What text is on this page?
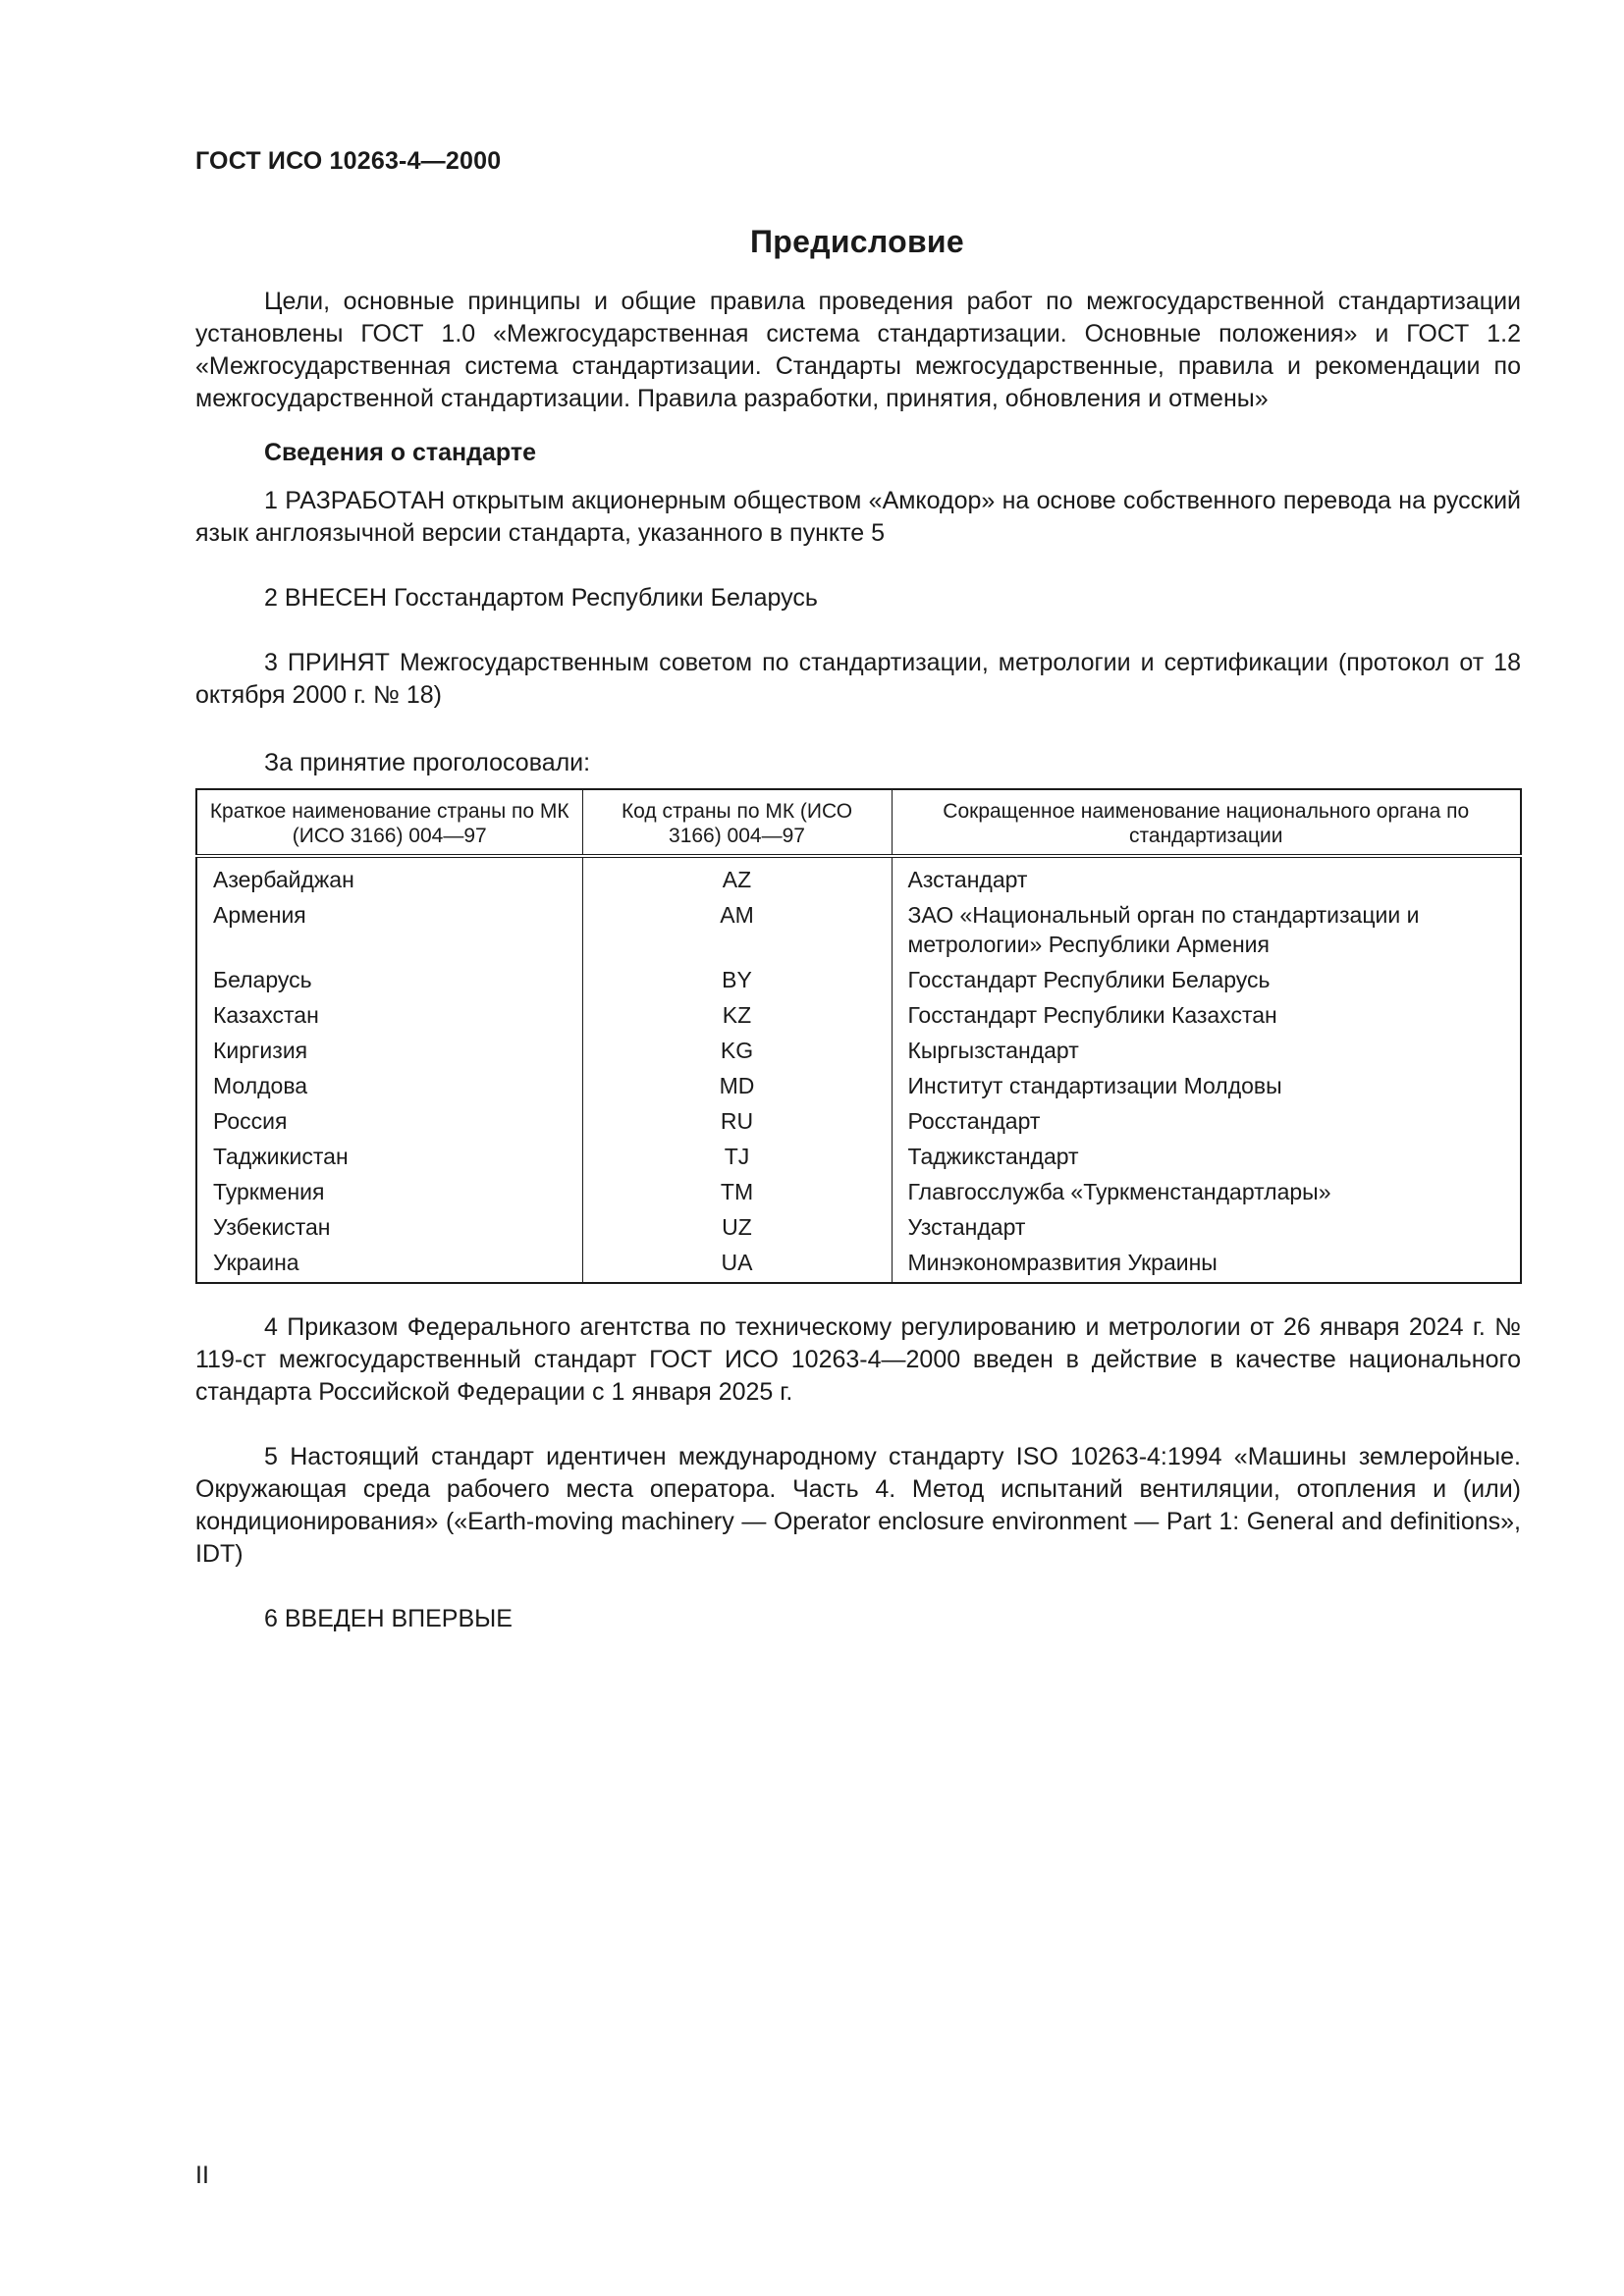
ГОСТ ИСО 10263-4—2000
Предисловие

Цели, основные принципы и общие правила проведения работ по межгосударственной стандартизации установлены ГОСТ 1.0 «Межгосударственная система стандартизации. Основные положения» и ГОСТ 1.2 «Межгосударственная система стандартизации. Стандарты межгосударственные, правила и рекомендации по межгосударственной стандартизации. Правила разработки, принятия, обновления и отмены»

Сведения о стандарте

1 РАЗРАБОТАН открытым акционерным обществом «Амкодор» на основе собственного перевода на русский язык англоязычной версии стандарта, указанного в пункте 5

2 ВНЕСЕН Госстандартом Республики Беларусь

3 ПРИНЯТ Межгосударственным советом по стандартизации, метрологии и сертификации (протокол от 18 октября 2000 г. № 18)

За принятие проголосовали:

Краткое наименование страны по МК (ИСО 3166) 004—97	Код страны по МК (ИСО 3166) 004—97	Сокращенное наименование национального органа по стандартизации
Азербайджан	AZ	Азстандарт
Армения	AM	ЗАО «Национальный орган по стандартизации и метрологии» Республики Армения
Беларусь	BY	Госстандарт Республики Беларусь
Казахстан	KZ	Госстандарт Республики Казахстан
Киргизия	KG	Кыргызстандарт
Молдова	MD	Институт стандартизации Молдовы
Россия	RU	Росстандарт
Таджикистан	TJ	Таджикстандарт
Туркмения	TM	Главгосслужба «Туркменстандартлары»
Узбекистан	UZ	Узстандарт
Украина	UA	Минэкономразвития Украины

4 Приказом Федерального агентства по техническому регулированию и метрологии от 26 января 2024 г. № 119-ст межгосударственный стандарт ГОСТ ИСО 10263-4—2000 введен в действие в качестве национального стандарта Российской Федерации с 1 января 2025 г.

5 Настоящий стандарт идентичен международному стандарту ISO 10263-4:1994 «Машины землеройные. Окружающая среда рабочего места оператора. Часть 4. Метод испытаний вентиляции, отопления и (или) кондиционирования» («Earth-moving machinery — Operator enclosure environment — Part 1: General and definitions», IDT)

6 ВВЕДЕН ВПЕРВЫЕ

II
